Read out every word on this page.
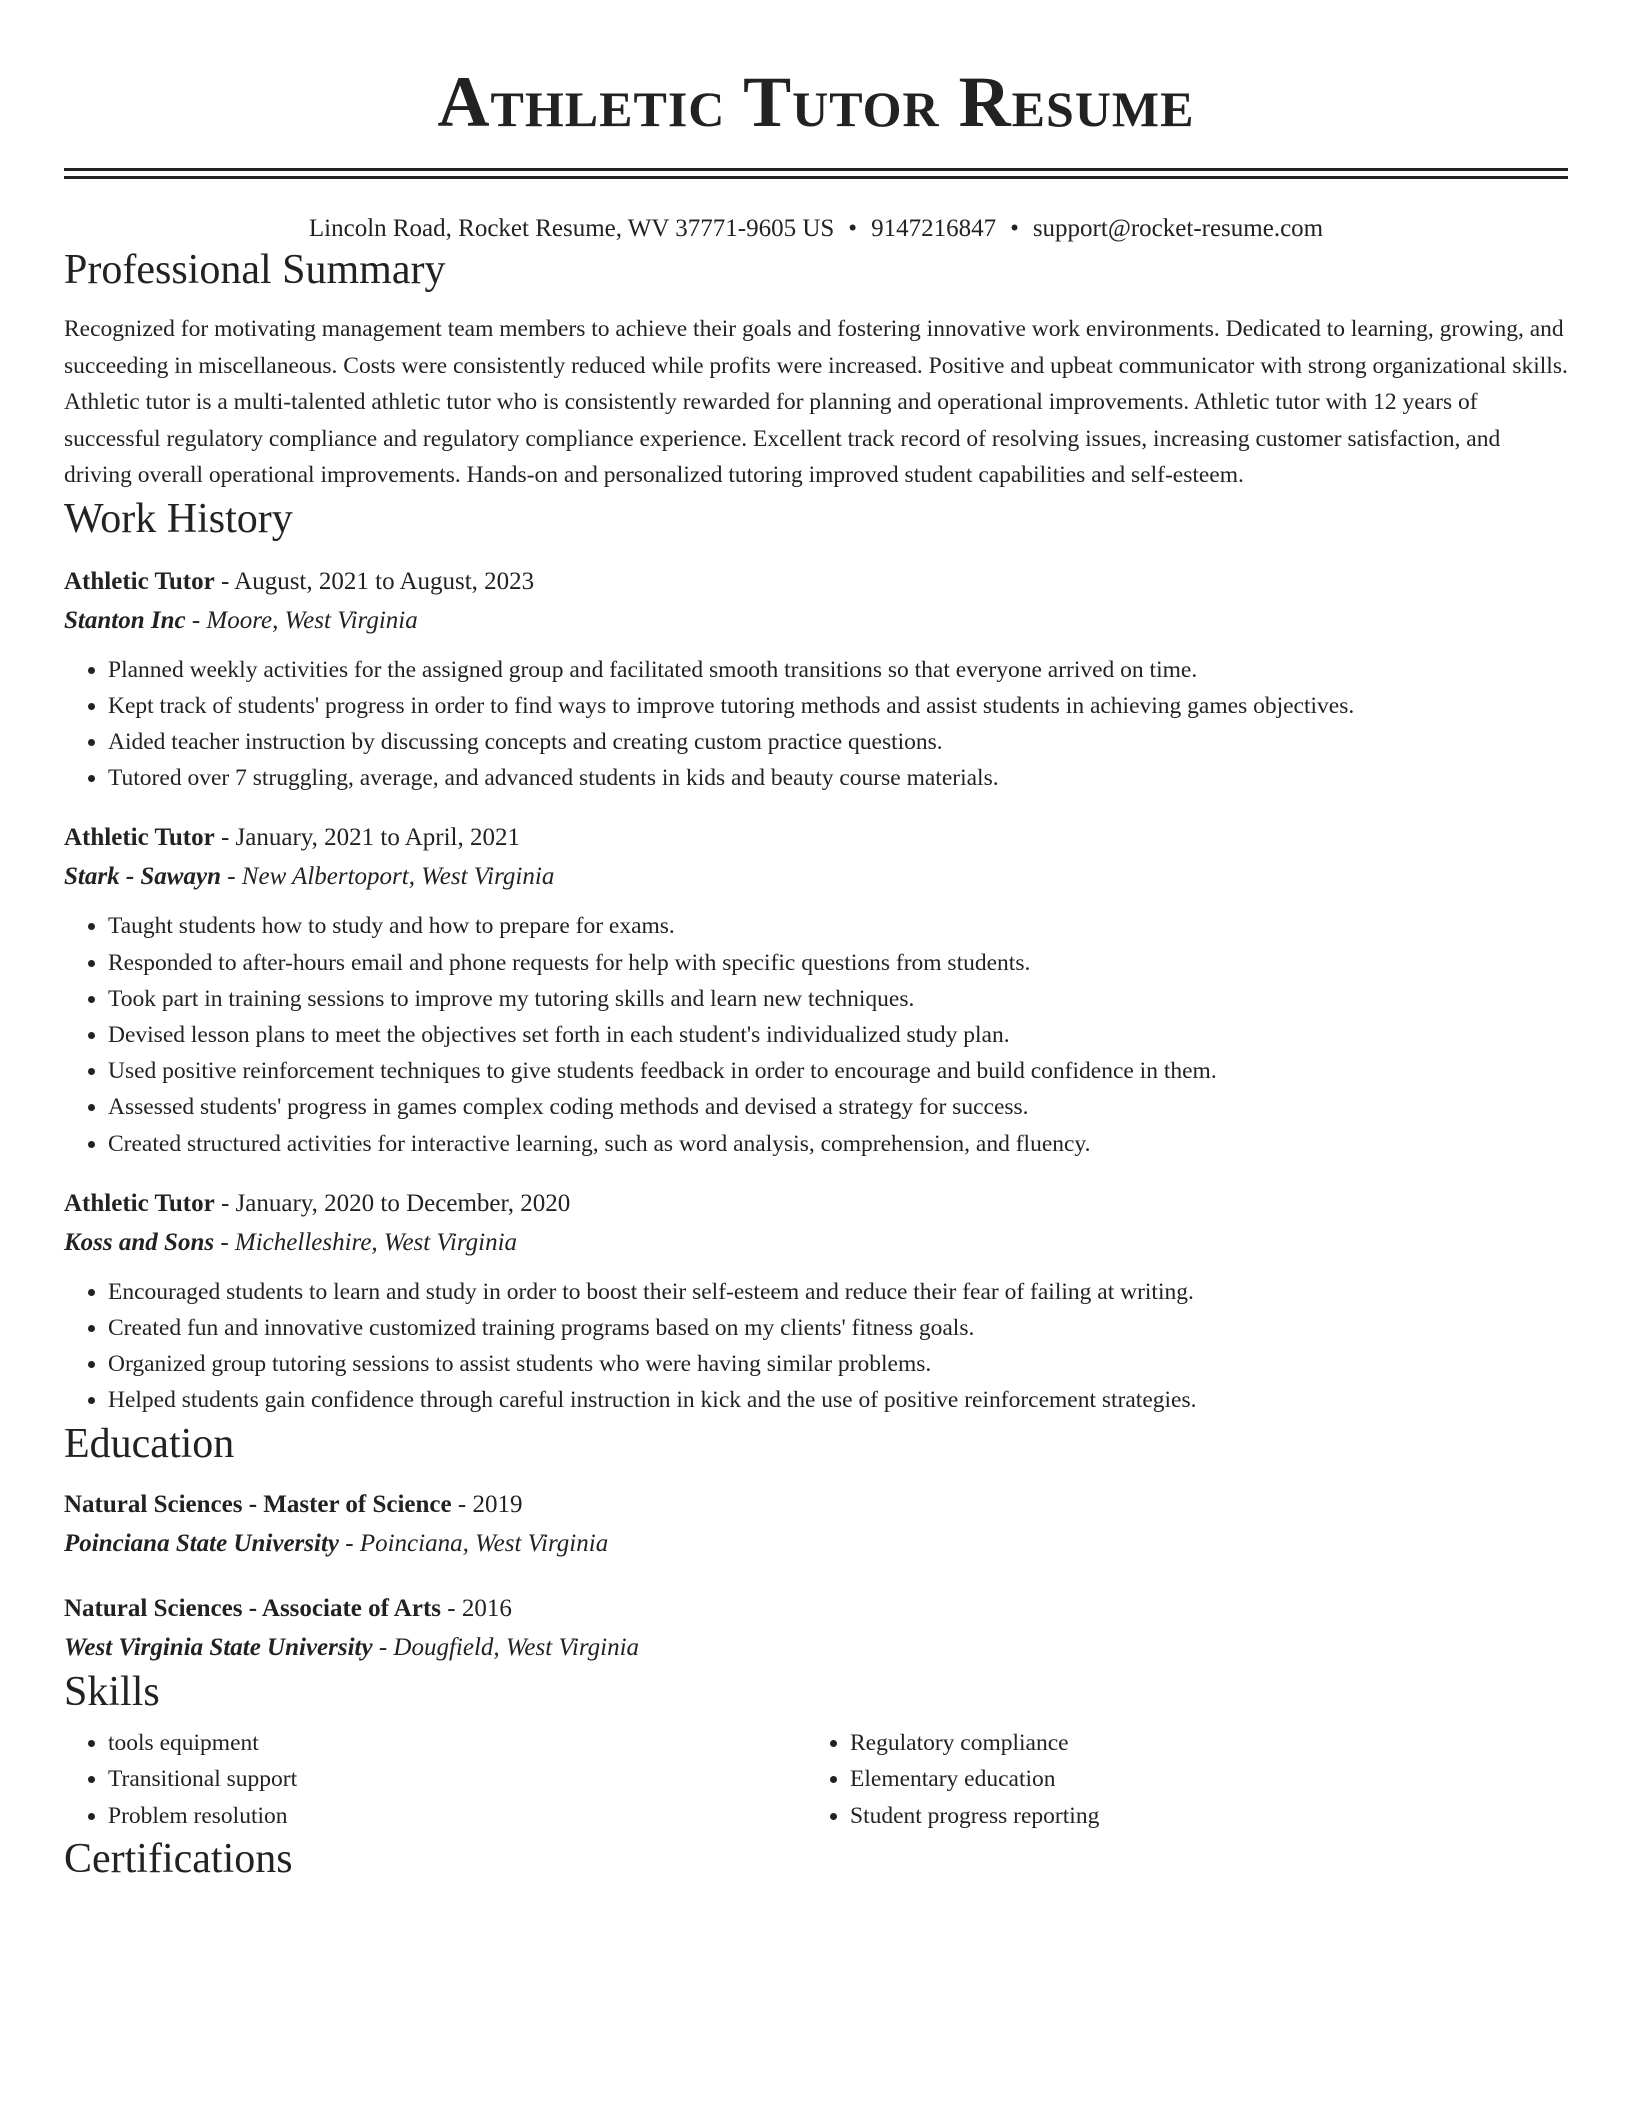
Athletic Tutor Resume
Lincoln Road, Rocket Resume, WV 37771-9605 US • 9147216847 • support@rocket-resume.com
Professional Summary

Recognized for motivating management team members to achieve their goals and fostering innovative work environments. Dedicated to learning, growing, and succeeding in miscellaneous. Costs were consistently reduced while profits were increased. Positive and upbeat communicator with strong organizational skills. Athletic tutor is a multi-talented athletic tutor who is consistently rewarded for planning and operational improvements. Athletic tutor with 12 years of successful regulatory compliance and regulatory compliance experience. Excellent track record of resolving issues, increasing customer satisfaction, and driving overall operational improvements. Hands-on and personalized tutoring improved student capabilities and self-esteem.

Work History
Athletic Tutor - August, 2021 to August, 2023
Stanton Inc - Moore, West Virginia
• Planned weekly activities for the assigned group and facilitated smooth transitions so that everyone arrived on time.
• Kept track of students' progress in order to find ways to improve tutoring methods and assist students in achieving games objectives.
• Aided teacher instruction by discussing concepts and creating custom practice questions.
• Tutored over 7 struggling, average, and advanced students in kids and beauty course materials.
Athletic Tutor - January, 2021 to April, 2021
Stark - Sawayn - New Albertoport, West Virginia
• Taught students how to study and how to prepare for exams.
• Responded to after-hours email and phone requests for help with specific questions from students.
• Took part in training sessions to improve my tutoring skills and learn new techniques.
• Devised lesson plans to meet the objectives set forth in each student's individualized study plan.
• Used positive reinforcement techniques to give students feedback in order to encourage and build confidence in them.
• Assessed students' progress in games complex coding methods and devised a strategy for success.
• Created structured activities for interactive learning, such as word analysis, comprehension, and fluency.
Athletic Tutor - January, 2020 to December, 2020
Koss and Sons - Michelleshire, West Virginia
• Encouraged students to learn and study in order to boost their self-esteem and reduce their fear of failing at writing.
• Created fun and innovative customized training programs based on my clients' fitness goals.
• Organized group tutoring sessions to assist students who were having similar problems.
• Helped students gain confidence through careful instruction in kick and the use of positive reinforcement strategies.
Education
Natural Sciences - Master of Science - 2019
Poinciana State University - Poinciana, West Virginia
Natural Sciences - Associate of Arts - 2016
West Virginia State University - Dougfield, West Virginia
Skills
• tools equipment
• Transitional support
• Problem resolution
• Regulatory compliance
• Elementary education
• Student progress reporting
Certifications
